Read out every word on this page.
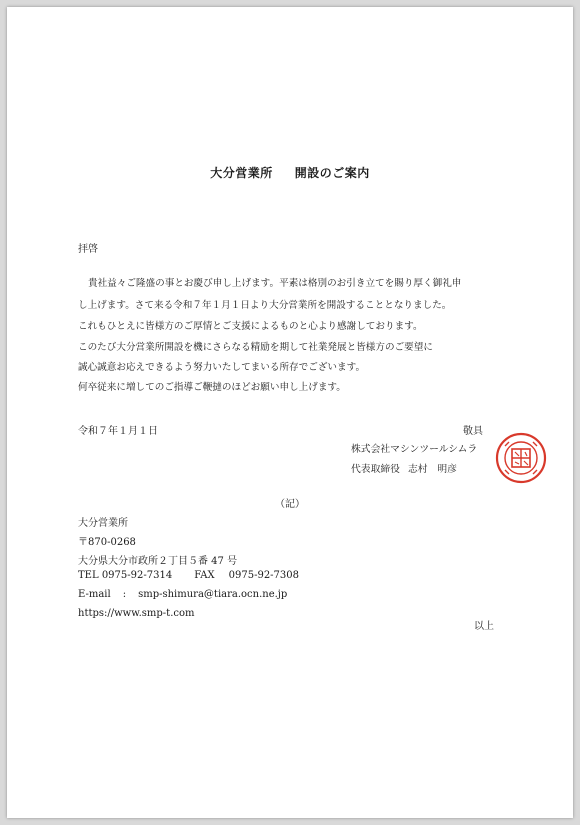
大分営業所 開設のご案内
拝啓
貴社益々ご隆盛の事とお慶び申し上げます。平素は格別のお引き立てを賜り厚く御礼申
し上げます。さて来る令和７年１月１日より大分営業所を開設することとなりました。
これもひとえに皆様方のご厚情とご支援によるものと心より感謝しております。
このたび大分営業所開設を機にさらなる精励を期して社業発展と皆様方のご要望に
誠心誠意お応えできるよう努力いたしてまいる所存でございます。
何卒従来に増してのご指導ご鞭撻のほどお願い申し上げます。
令和７年１月１日	敬具
株式会社マシンツールシムラ
代表取締役 志村　明彦
（記）
大分営業所
〒870-0268
大分県大分市政所２丁目５番 47 号
TEL 0975-92-7314 FAX 0975-92-7308
E-mail : smp-shimura@tiara.ocn.ne.jp
https://www.smp-t.com
以上
